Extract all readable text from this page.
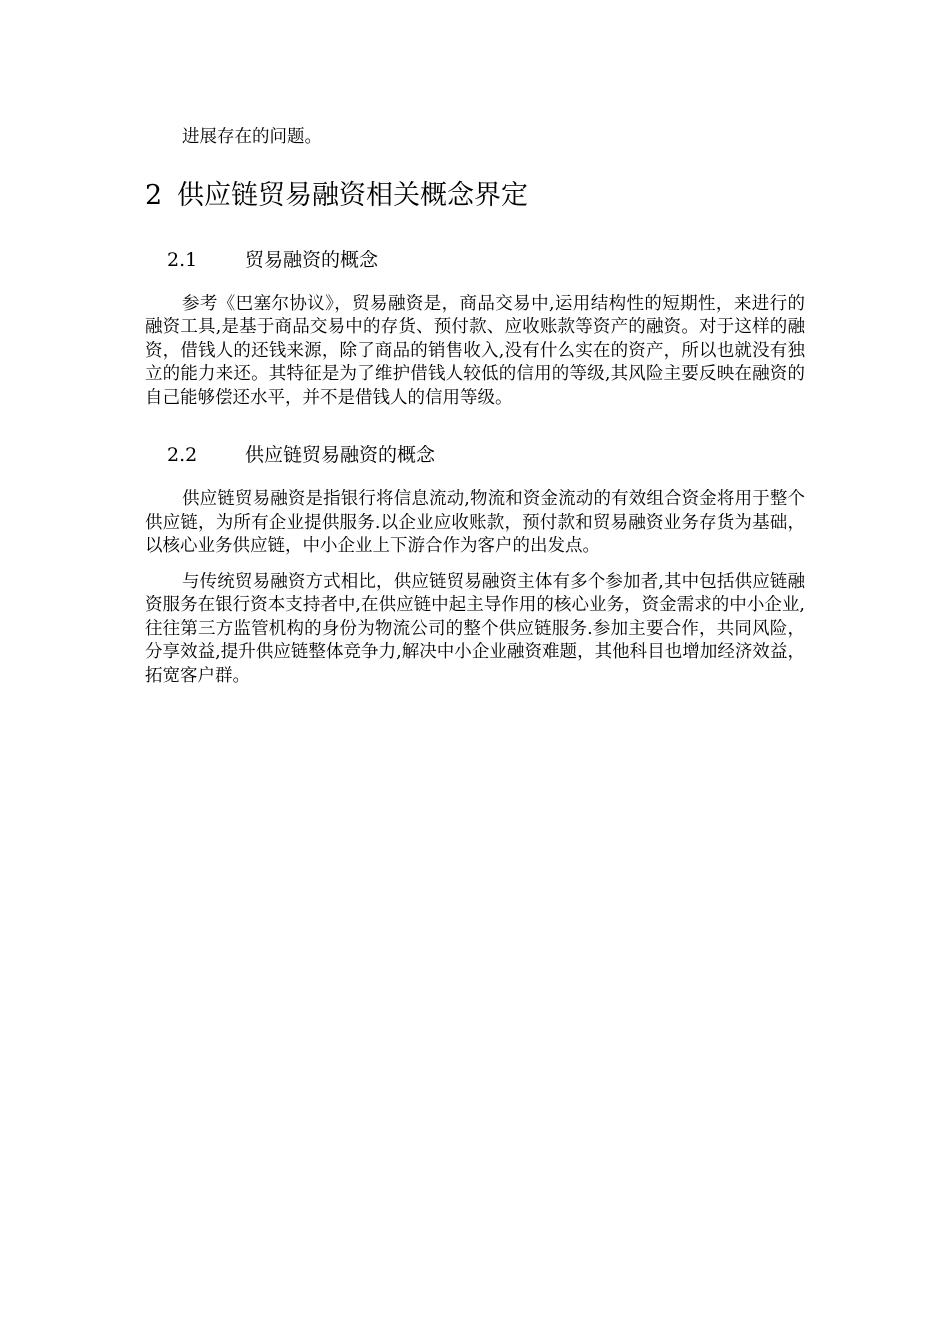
进展存在的问题。

2 供应链贸易融资相关概念界定
2.1	贸易融资的概念

参考《巴塞尔协议》，贸易融资是，商品交易中,运用结构性的短期性，来进行的融资工具,是基于商品交易中的存货、预付款、应收账款等资产的融资。对于这样的融资，借钱人的还钱来源，除了商品的销售收入,没有什么实在的资产，所以也就没有独立的能力来还。其特征是为了维护借钱人较低的信用的等级,其风险主要反映在融资的自己能够偿还水平，并不是借钱人的信用等级。

2.2	供应链贸易融资的概念

供应链贸易融资是指银行将信息流动,物流和资金流动的有效组合资金将用于整个供应链，为所有企业提供服务.以企业应收账款，预付款和贸易融资业务存货为基础，以核心业务供应链，中小企业上下游合作为客户的出发点。

与传统贸易融资方式相比，供应链贸易融资主体有多个参加者,其中包括供应链融资服务在银行资本支持者中,在供应链中起主导作用的核心业务，资金需求的中小企业,往往第三方监管机构的身份为物流公司的整个供应链服务.参加主要合作，共同风险，分享效益,提升供应链整体竞争力,解决中小企业融资难题，其他科目也增加经济效益，拓宽客户群。
